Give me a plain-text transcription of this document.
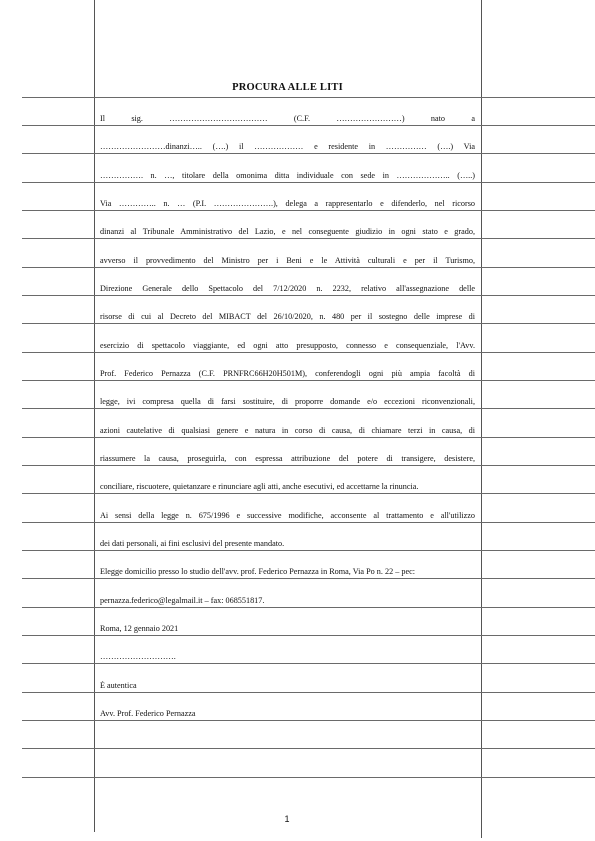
PROCURA ALLE LITI
Il sig. ……………………………… (C.F. ……………………) nato a
……………………dinanzi….. (….) il ……………… e residente in …………… (….) Via
……………. n. …, titolare della omonima ditta individuale con sede in ……………….. (…..)
Via ………….. n. … (P.I. ………………….), delega a rappresentarlo e difenderlo, nel ricorso
dinanzi al Tribunale Amministrativo del Lazio, e nel conseguente giudizio in ogni stato e grado,
avverso il provvedimento del Ministro per i Beni e le Attività culturali e per il Turismo,
Direzione Generale dello Spettacolo del 7/12/2020 n. 2232, relativo all'assegnazione delle
risorse di cui al Decreto del MIBACT del 26/10/2020, n. 480 per il sostegno delle imprese di
esercizio di spettacolo viaggiante, ed ogni atto presupposto, connesso e consequenziale, l'Avv.
Prof. Federico Pernazza (C.F. PRNFRC66H20H501M), conferendogli ogni più ampia facoltà di
legge, ivi compresa quella di farsi sostituire, di proporre domande e/o eccezioni riconvenzionali,
azioni cautelative di qualsiasi genere e natura in corso di causa, di chiamare terzi in causa, di
riassumere la causa, proseguirla, con espressa attribuzione del potere di transigere, desistere,
conciliare, riscuotere, quietanzare e rinunciare agli atti, anche esecutivi, ed accettarne la rinuncia.
Ai sensi della legge n. 675/1996 e successive modifiche, acconsente al trattamento e all'utilizzo
dei dati personali, ai fini esclusivi del presente mandato.
Elegge domicilio presso lo studio dell'avv. prof. Federico Pernazza in Roma, Via Po n. 22 – pec:
pernazza.federico@legalmail.it – fax: 068551817.
Roma, 12 gennaio 2021
……………………….
È autentica
Avv. Prof. Federico Pernazza
1
